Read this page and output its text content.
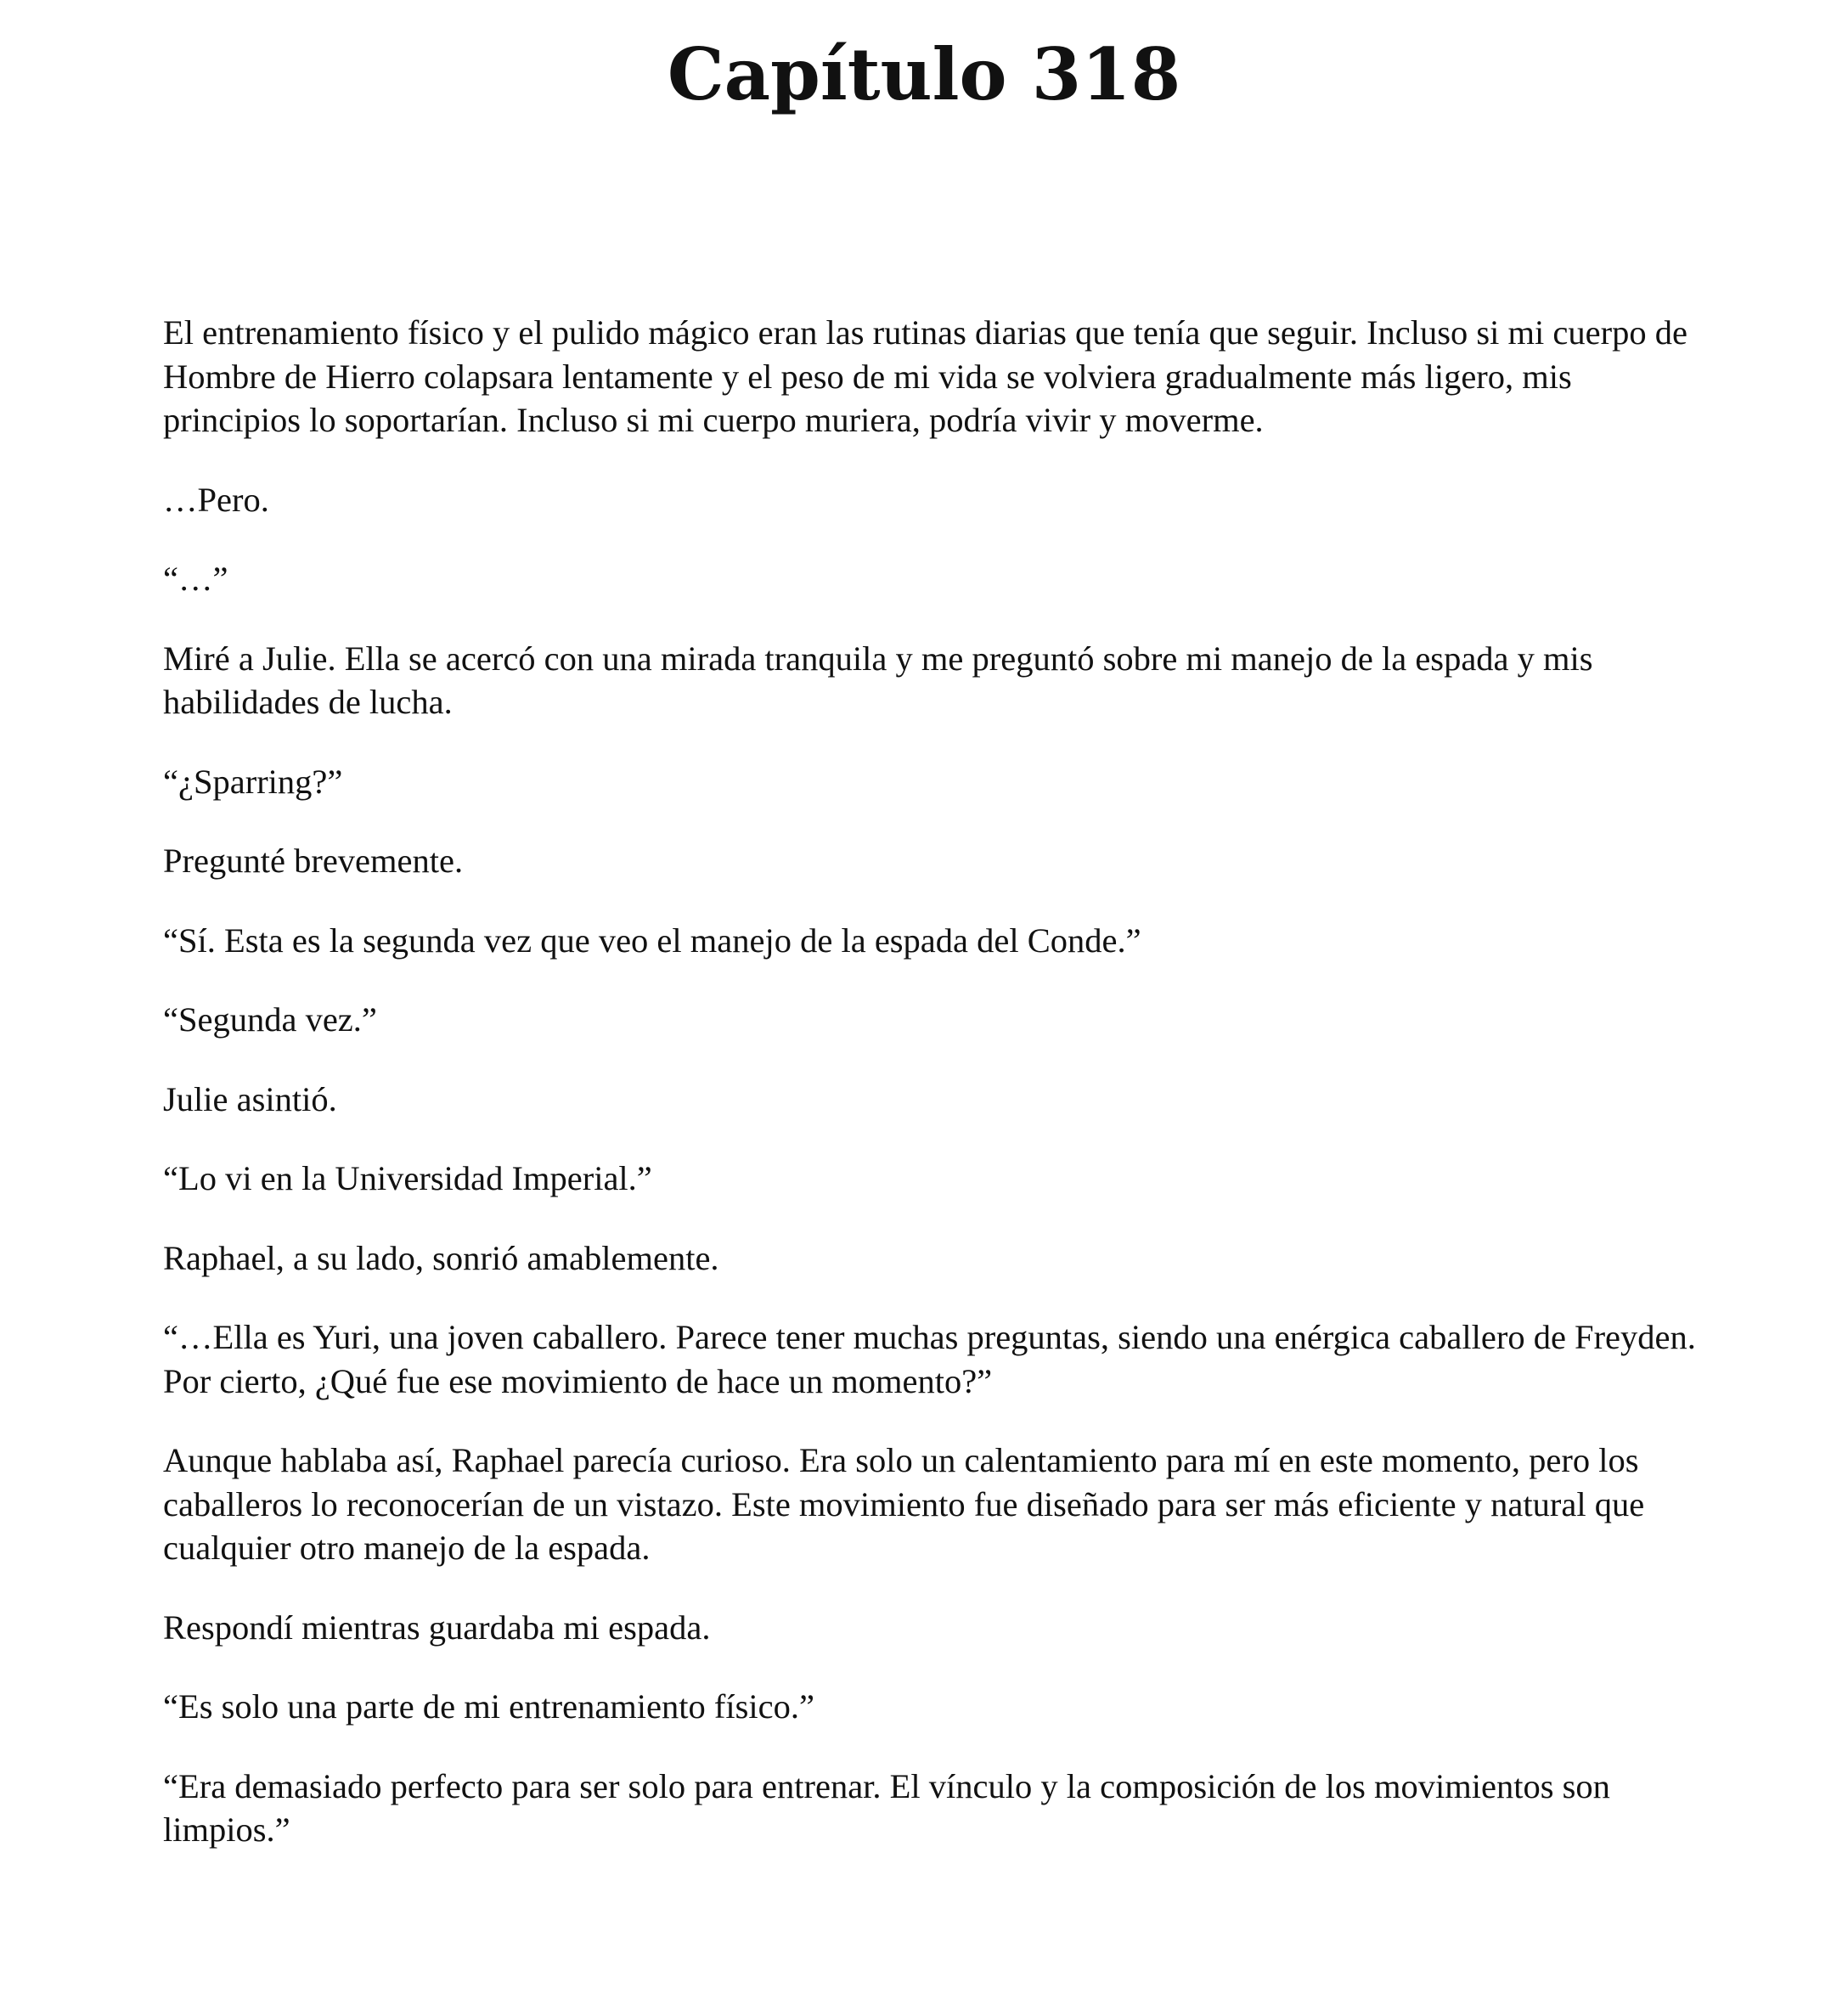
Capítulo 318

El entrenamiento físico y el pulido mágico eran las rutinas diarias que tenía que seguir. Incluso si mi cuerpo de Hombre de Hierro colapsara lentamente y el peso de mi vida se volviera gradualmente más ligero, mis principios lo soportarían. Incluso si mi cuerpo muriera, podría vivir y moverme.

…Pero.

“…”

Miré a Julie. Ella se acercó con una mirada tranquila y me preguntó sobre mi manejo de la espada y mis habilidades de lucha.

“¿Sparring?”

Pregunté brevemente.

“Sí. Esta es la segunda vez que veo el manejo de la espada del Conde.”

“Segunda vez.”

Julie asintió.

“Lo vi en la Universidad Imperial.”

Raphael, a su lado, sonrió amablemente.

“…Ella es Yuri, una joven caballero. Parece tener muchas preguntas, siendo una enérgica caballero de Freyden. Por cierto, ¿Qué fue ese movimiento de hace un momento?”

Aunque hablaba así, Raphael parecía curioso. Era solo un calentamiento para mí en este momento, pero los caballeros lo reconocerían de un vistazo. Este movimiento fue diseñado para ser más eficiente y natural que cualquier otro manejo de la espada.

Respondí mientras guardaba mi espada.

“Es solo una parte de mi entrenamiento físico.”

“Era demasiado perfecto para ser solo para entrenar. El vínculo y la composición de los movimientos son limpios.”
